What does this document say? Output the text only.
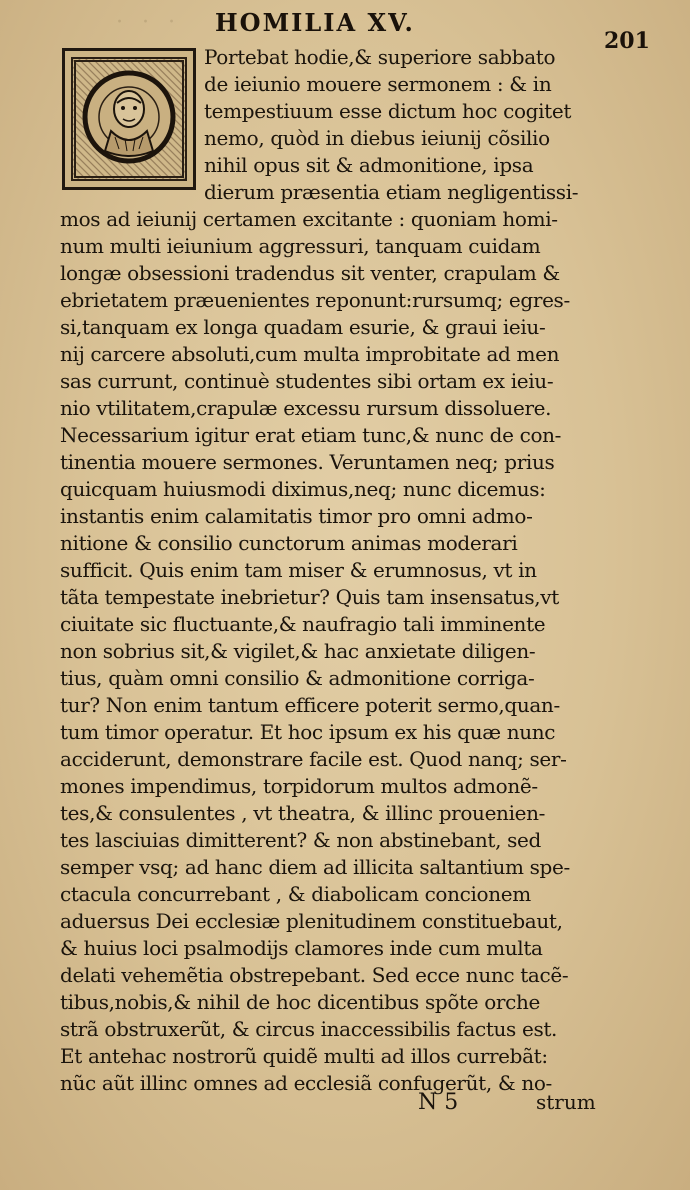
· · · HOMILIA XV.
201
Portebat hodie,& superiore sabbato
de ieiunio mouere sermonem : & in
tempestiuum esse dictum hoc cogitet
nemo, quòd in diebus ieiunij cõsilio
nihil opus sit & admonitione, ipsa
dierum præsentia etiam negligentissi-
mos ad ieiunij certamen excitante : quoniam homi-
num multi ieiunium aggressuri, tanquam cuidam
longæ obsessioni tradendus sit venter, crapulam &
ebrietatem præuenientes reponunt:rursumq; egres-
si,tanquam ex longa quadam esurie, & graui ieiu-
nij carcere absoluti,cum multa improbitate ad men
sas currunt, continuè studentes sibi ortam ex ieiu-
nio vtilitatem,crapulæ excessu rursum dissoluere.
Necessarium igitur erat etiam tunc,& nunc de con-
tinentia mouere sermones. Veruntamen neq; prius
quicquam huiusmodi diximus,neq; nunc dicemus:
instantis enim calamitatis timor pro omni admo-
nitione & consilio cunctorum animas moderari
sufficit. Quis enim tam miser & erumnosus, vt in
tãta tempestate inebrietur? Quis tam insensatus,vt
ciuitate sic fluctuante,& naufragio tali imminente
non sobrius sit,& vigilet,& hac anxietate diligen-
tius, quàm omni consilio & admonitione corriga-
tur? Non enim tantum efficere poterit sermo,quan-
tum timor operatur. Et hoc ipsum ex his quæ nunc
acciderunt, demonstrare facile est. Quod nanq; ser-
mones impendimus, torpidorum multos admonẽ-
tes,& consulentes , vt theatra, & illinc prouenien-
tes lasciuias dimitterent? & non abstinebant, sed
semper vsq; ad hanc diem ad illicita saltantium spe-
ctacula concurrebant , & diabolicam concionem
aduersus Dei ecclesiæ plenitudinem constituebaut,
& huius loci psalmodijs clamores inde cum multa
delati vehemẽtia obstrepebant. Sed ecce nunc tacẽ-
tibus,nobis,& nihil de hoc dicentibus spõte orche
strã obstruxerũt, & circus inaccessibilis factus est.
Et antehac nostrorũ quidẽ multi ad illos currebãt:
nũc aũt illinc omnes ad ecclesiã confugerũt, & no-
N 5	strum
